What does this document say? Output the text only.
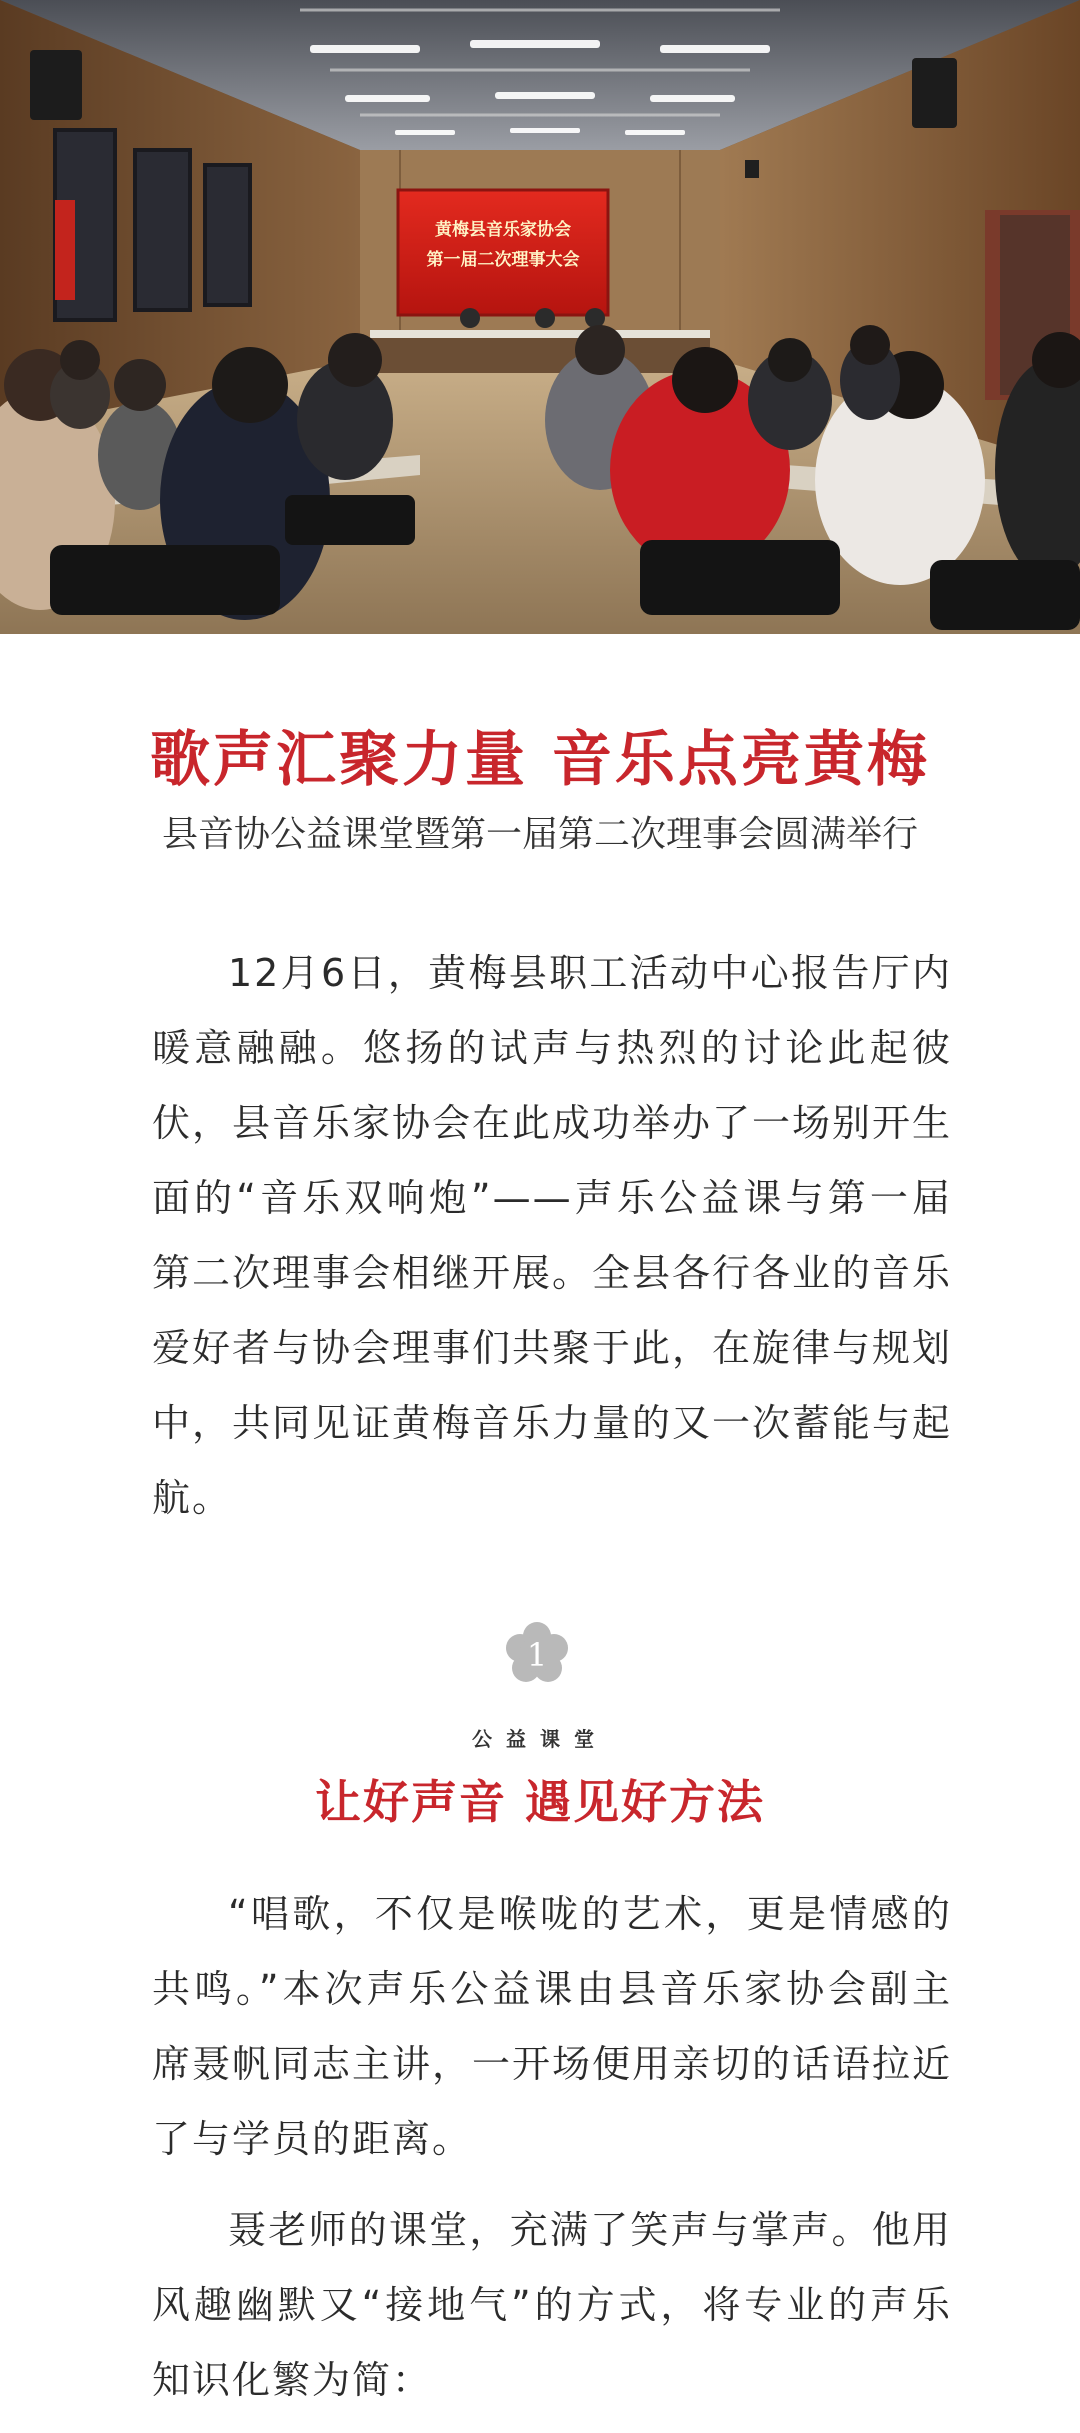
黄梅县音乐家协会
第一届二次理事大会
歌声汇聚力量 音乐点亮黄梅

县音协公益课堂暨第一届第二次理事会圆满举行

12月6日，黄梅县职工活动中心报告厅内暖意融融。悠扬的试声与热烈的讨论此起彼伏，县音乐家协会在此成功举办了一场别开生面的“音乐双响炮”——声乐公益课与第一届第二次理事会相继开展。全县各行各业的音乐爱好者与协会理事们共聚于此，在旋律与规划中，共同见证黄梅音乐力量的又一次蓄能与起航。

1

公益课堂

让好声音 遇见好方法

“唱歌，不仅是喉咙的艺术，更是情感的共鸣。”本次声乐公益课由县音乐家协会副主席聂帆同志主讲，一开场便用亲切的话语拉近了与学员的距离。

聂老师的课堂，充满了笑声与掌声。他用风趣幽默又“接地气”的方式，将专业的声乐知识化繁为简：
